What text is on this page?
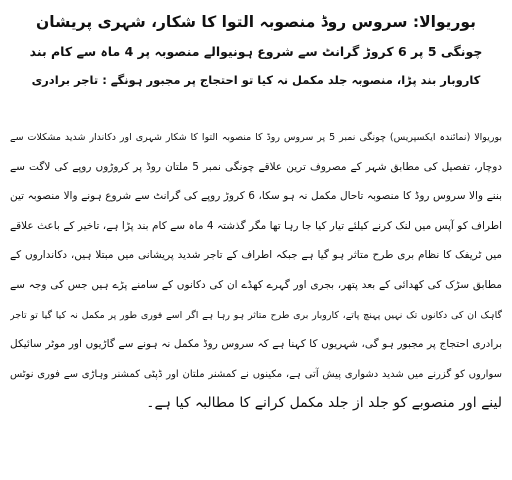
بوریوالا: سروس روڈ منصوبہ التوا کا شکار، شہری پریشان
چونگی 5 پر 6 کروڑ گرانٹ سے شروع ہونیوالے منصوبہ پر 4 ماہ سے کام بند
کاروبار بند پڑا، منصوبہ جلد مکمل نہ کیا تو احتجاج پر مجبور ہونگے : تاجر برادری
بوریوالا (نمائندہ ایکسپریس) چونگی نمبر 5 پر سروس روڈ کا منصوبہ التوا کا شکار شہری اور دکاندار شدید مشکلات سے
دوچار، تفصیل کی مطابق شہر کے مصروف ترین علاقے چونگی نمبر 5 ملتان روڈ پر کروڑوں روپے کی لاگت سے
بننے والا سروس روڈ کا منصوبہ تاحال مکمل نہ ہو سکا، 6 کروڑ روپے کی گرانٹ سے شروع ہونے والا منصوبہ تین
اطراف کو آپس میں لنک کرنے کیلئے تیار کیا جا رہا تھا مگر گذشتہ 4 ماہ سے کام بند پڑا ہے، تاخیر کے باعث علاقے
میں ٹریفک کا نظام بری طرح متاثر ہو گیا ہے جبکہ اطراف کے تاجر شدید پریشانی میں مبتلا ہیں، دکانداروں کے
مطابق سڑک کی کھدائی کے بعد پتھر، بجری اور گہرے کھڈے ان کی دکانوں کے سامنے پڑے ہیں جس کی وجہ سے
گاہک ان کی دکانوں تک نہیں پہنچ پاتے، کاروبار بری طرح متاثر ہو رہا ہے اگر اسے فوری طور پر مکمل نہ کیا گیا تو تاجر
برادری احتجاج پر مجبور ہو گی، شہریوں کا کہنا ہے کہ سروس روڈ مکمل نہ ہونے سے گاڑیوں اور موٹر سائیکل
سواروں کو گزرنے میں شدید دشواری پیش آتی ہے، مکینوں نے کمشنر ملتان اور ڈپٹی کمشنر وہاڑی سے فوری نوٹس
لینے اور منصوبے کو جلد از جلد مکمل کرانے کا مطالبہ کیا ہے۔
